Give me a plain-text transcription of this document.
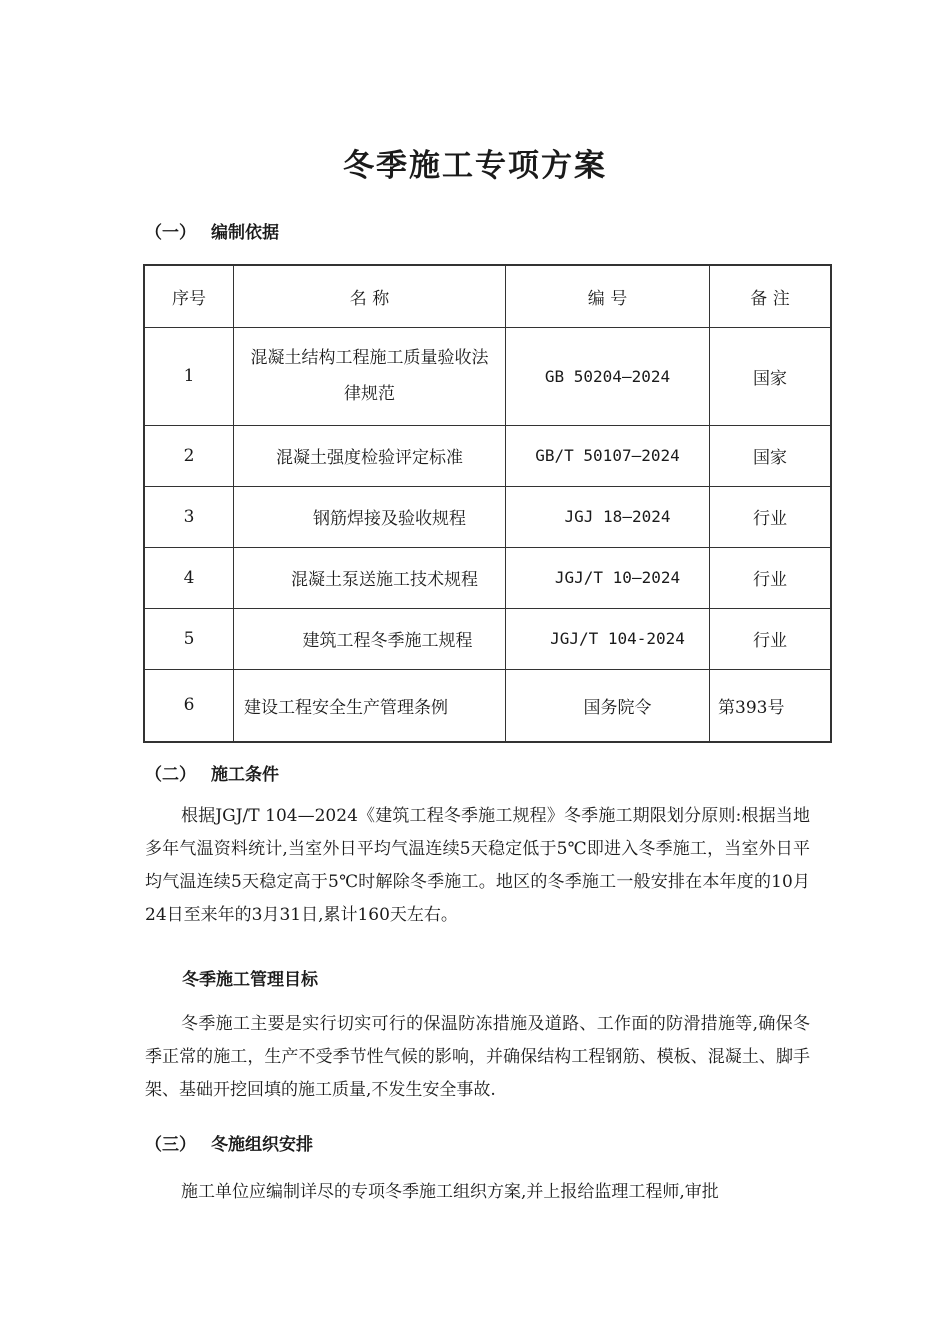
冬季施工专项方案
（一） 编制依据
序号	名 称	编 号	备 注
1	混凝土结构工程施工质量验收法律规范	GB 50204—2024	国家
2	混凝土强度检验评定标准	GB/T 50107—2024	国家
3	钢筋焊接及验收规程	JGJ 18—2024	行业
4	混凝土泵送施工技术规程	JGJ/T 10—2024	行业
5	建筑工程冬季施工规程	JGJ/T 104-2024	行业
6	建设工程安全生产管理条例	国务院令	第393号
（二） 施工条件
根据JGJ/T 104—2024《建筑工程冬季施工规程》冬季施工期限划分原则:根据当地多年气温资料统计,当室外日平均气温连续5天稳定低于5℃即进入冬季施工，当室外日平均气温连续5天稳定高于5℃时解除冬季施工。地区的冬季施工一般安排在本年度的10月24日至来年的3月31日,累计160天左右。
冬季施工管理目标
冬季施工主要是实行切实可行的保温防冻措施及道路、工作面的防滑措施等,确保冬季正常的施工，生产不受季节性气候的影响，并确保结构工程钢筋、模板、混凝土、脚手架、基础开挖回填的施工质量,不发生安全事故.
（三） 冬施组织安排
施工单位应编制详尽的专项冬季施工组织方案,并上报给监理工程师,审批
